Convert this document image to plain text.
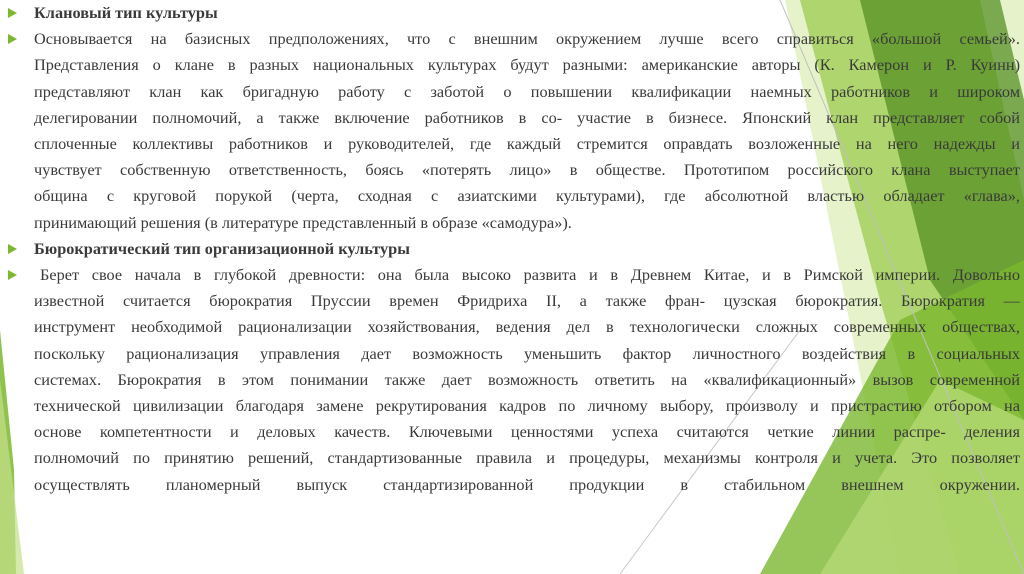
Клановый тип культуры
Основывается на базисных предположениях, что с внешним окружением лучше всего справиться «большой семьей».
Представления о клане в разных национальных культурах будут разными: американские авторы (К. Камерон и Р. Куинн)
представляют клан как бригадную работу с заботой о повышении квалификации наемных работников и широком
делегировании полномочий, а также включение работников в со- участие в бизнесе. Японский клан представляет собой
сплоченные коллективы работников и руководителей, где каждый стремится оправдать возложенные на него надежды и
чувствует собственную ответственность, боясь «потерять лицо» в обществе. Прототипом российского клана выступает
община с круговой порукой (черта, сходная с азиатскими культурами), где абсолютной властью обладает «глава»,
принимающий решения (в литературе представленный в образе «самодура»).
Бюрократический тип организационной культуры
Берет свое начала в глубокой древности: она была высоко развита и в Древнем Китае, и в Римской империи. Довольно
известной считается бюрократия Пруссии времен Фридриха II, а также фран- цузская бюрократия. Бюрократия —
инструмент необходимой рационализации хозяйствования, ведения дел в технологически сложных современных обществах,
поскольку рационализация управления дает возможность уменьшить фактор личностного воздействия в социальных
системах. Бюрократия в этом понимании также дает возможность ответить на «квалификационный» вызов современной
технической цивилизации благодаря замене рекрутирования кадров по личному выбору, произволу и пристрастию отбором на
основе компетентности и деловых качеств. Ключевыми ценностями успеха считаются четкие линии распре- деления
полномочий по принятию решений, стандартизованные правила и процедуры, механизмы контроля и учета. Это позволяет
осуществлять планомерный выпуск стандартизированной продукции в стабильном внешнем окружении.
